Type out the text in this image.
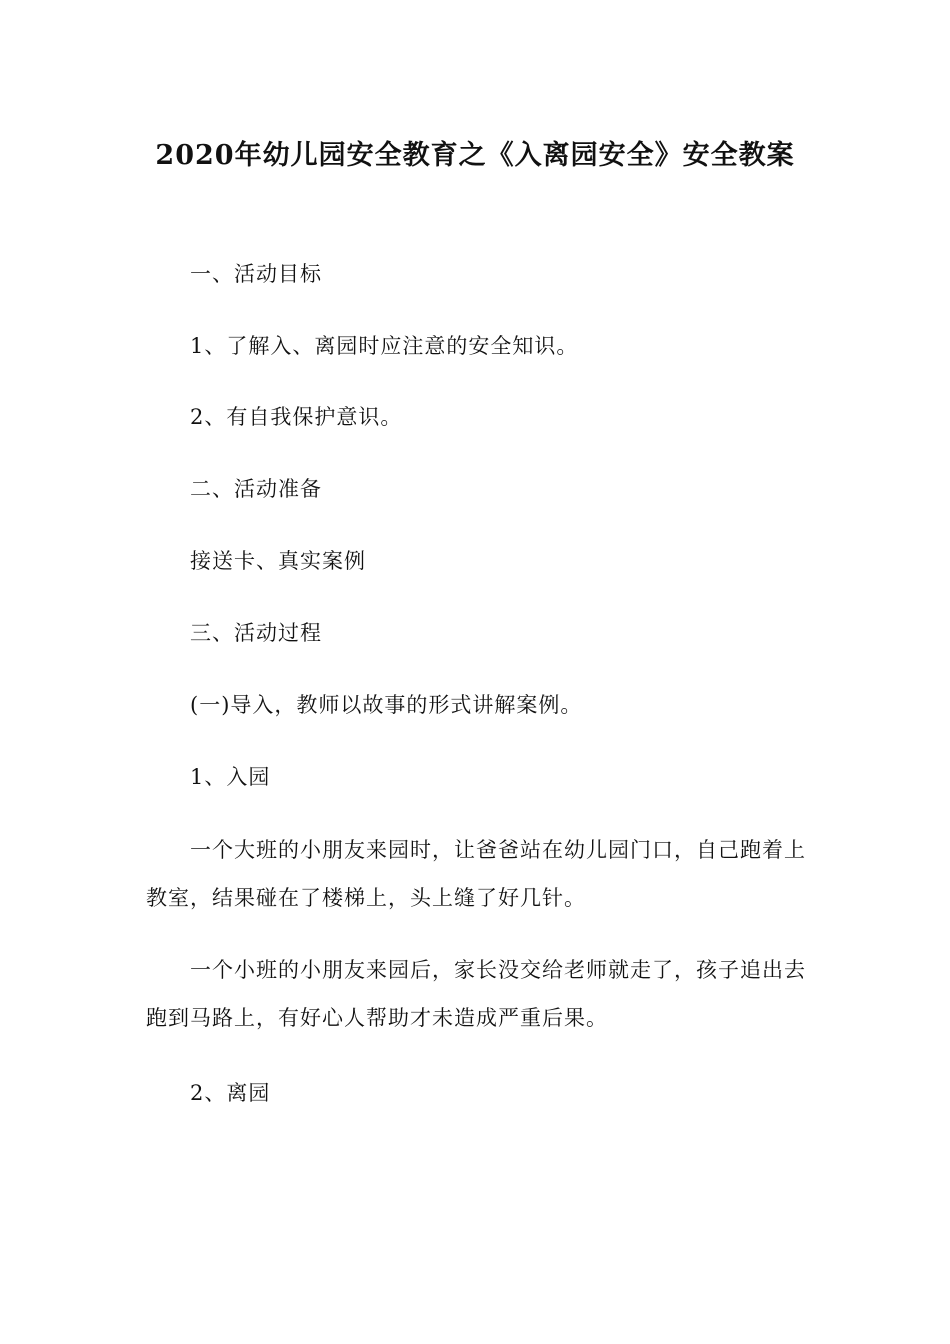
2020年幼儿园安全教育之《入离园安全》安全教案
一、活动目标
1、了解入、离园时应注意的安全知识。
2、有自我保护意识。
二、活动准备
接送卡、真实案例
三、活动过程
(一)导入，教师以故事的形式讲解案例。
1、入园
一个大班的小朋友来园时，让爸爸站在幼儿园门口，自己跑着上教室，结果碰在了楼梯上，头上缝了好几针。
一个小班的小朋友来园后，家长没交给老师就走了，孩子追出去跑到马路上，有好心人帮助才未造成严重后果。
2、离园
